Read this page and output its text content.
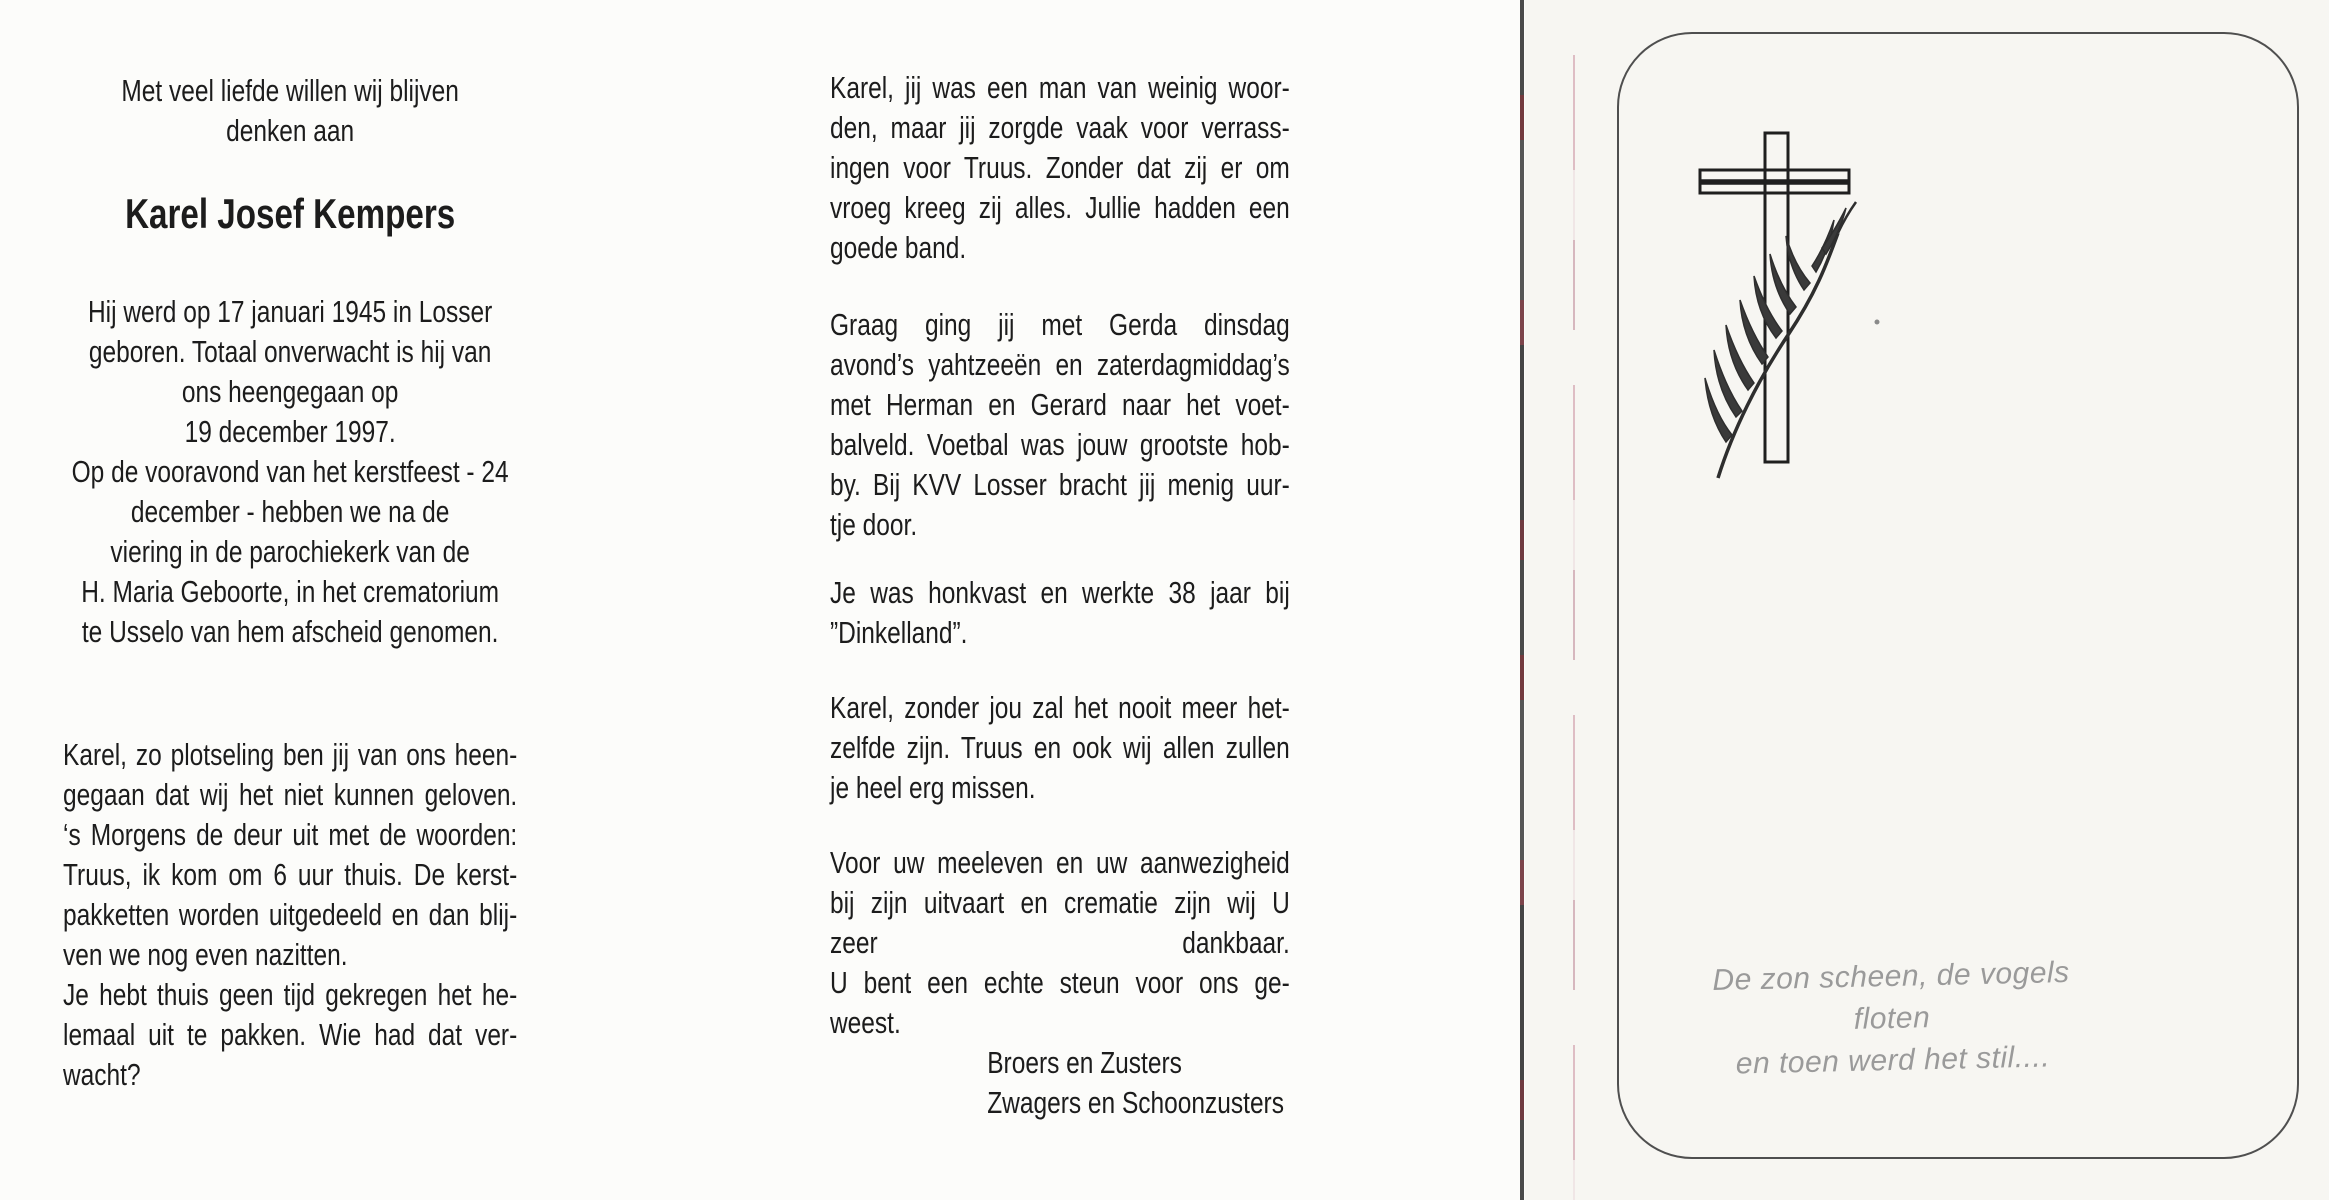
Met veel liefde willen wij blijven
denken aan
Karel Josef Kempers
Hij werd op 17 januari 1945 in Losser
geboren. Totaal onverwacht is hij van
ons heengegaan op
19 december 1997.
Op de vooravond van het kerstfeest - 24
december - hebben we na de
viering in de parochiekerk van de
H. Maria Geboorte, in het crematorium
te Usselo van hem afscheid genomen.
Karel, zo plotseling ben jij van ons heen-
gegaan dat wij het niet kunnen geloven.
‘s Morgens de deur uit met de woorden:
Truus, ik kom om 6 uur thuis. De kerst-
pakketten worden uitgedeeld en dan blij-
ven we nog even nazitten.
Je hebt thuis geen tijd gekregen het he-
lemaal uit te pakken. Wie had dat ver-
wacht?
Karel, jij was een man van weinig woor-
den, maar jij zorgde vaak voor verrass-
ingen voor Truus. Zonder dat zij er om
vroeg kreeg zij alles. Jullie hadden een
goede band.
Graag ging jij met Gerda dinsdag
avond’s yahtzeeën en zaterdagmiddag’s
met Herman en Gerard naar het voet-
balveld. Voetbal was jouw grootste hob-
by. Bij KVV Losser bracht jij menig uur-
tje door.
Je was honkvast en werkte 38 jaar bij
”Dinkelland”.
Karel, zonder jou zal het nooit meer het-
zelfde zijn. Truus en ook wij allen zullen
je heel erg missen.
Voor uw meeleven en uw aanwezigheid
bij zijn uitvaart en crematie zijn wij U
zeer dankbaar.
U bent een echte steun voor ons ge-
weest.
Broers en Zusters
Zwagers en Schoonzusters
De zon scheen, de vogels floten
en toen werd het stil....
